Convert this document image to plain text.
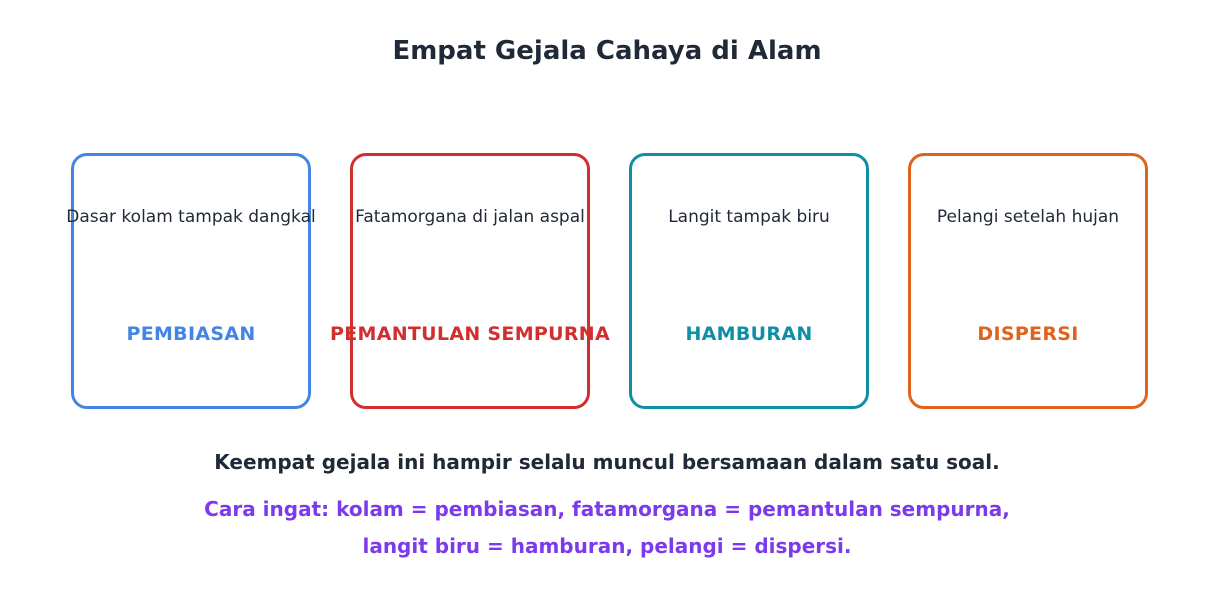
Empat Gejala Cahaya di Alam
Dasar kolam tampak dangkal
PEMBIASAN
Fatamorgana di jalan aspal
PEMANTULAN SEMPURNA
Langit tampak biru
HAMBURAN
Pelangi setelah hujan
DISPERSI
Keempat gejala ini hampir selalu muncul bersamaan dalam satu soal.
Cara ingat: kolam = pembiasan, fatamorgana = pemantulan sempurna,
langit biru = hamburan, pelangi = dispersi.
